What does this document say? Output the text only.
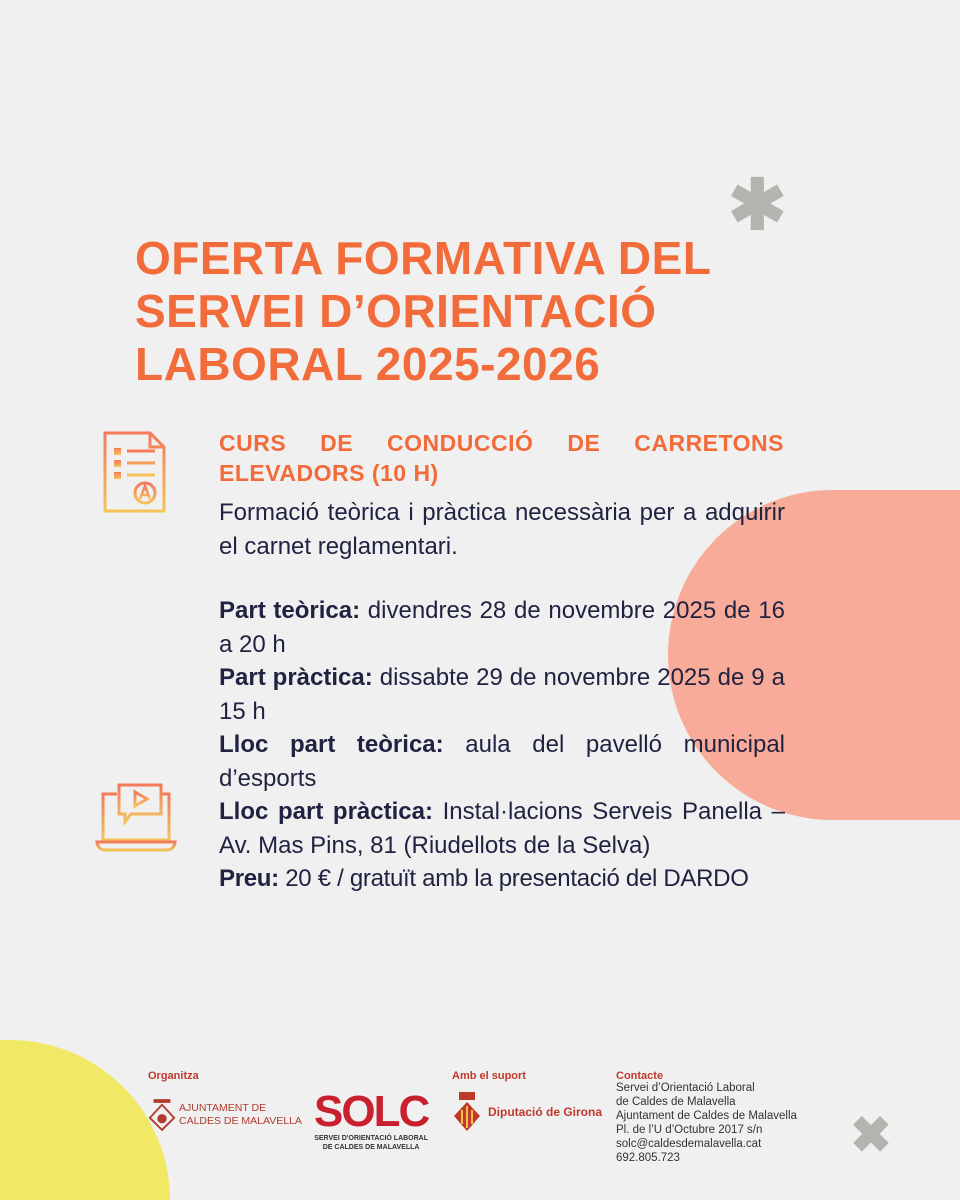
✱
OFERTA FORMATIVA DEL
SERVEI D’ORIENTACIÓ
LABORAL 2025-2026
CURS DE CONDUCCIÓ DE CARRETONS ELEVADORS (10 H)
Formació teòrica i pràctica necessària per a adquirir el carnet reglamentari.
Part teòrica: divendres 28 de novembre 2025 de 16 a 20 h
Part pràctica: dissabte 29 de novembre 2025 de 9 a 15 h
Lloc part teòrica: aula del pavelló municipal d’esports
Lloc part pràctica: Instal·lacions Serveis Panella – Av. Mas Pins, 81 (Riudellots de la Selva)
Preu: 20 € / gratuït amb la presentació del DARDO
Organitza
AJUNTAMENT DE
CALDES DE MALAVELLA SOLC
SERVEI D'ORIENTACIÓ LABORAL
DE CALDES DE MALAVELLA
Amb el suport
Diputació de Girona
Contacte
Servei d’Orientació Laboral
de Caldes de Malavella
Ajuntament de Caldes de Malavella
Pl. de l’U d’Octubre 2017 s/n
solc@caldesdemalavella.cat
692.805.723	✖
